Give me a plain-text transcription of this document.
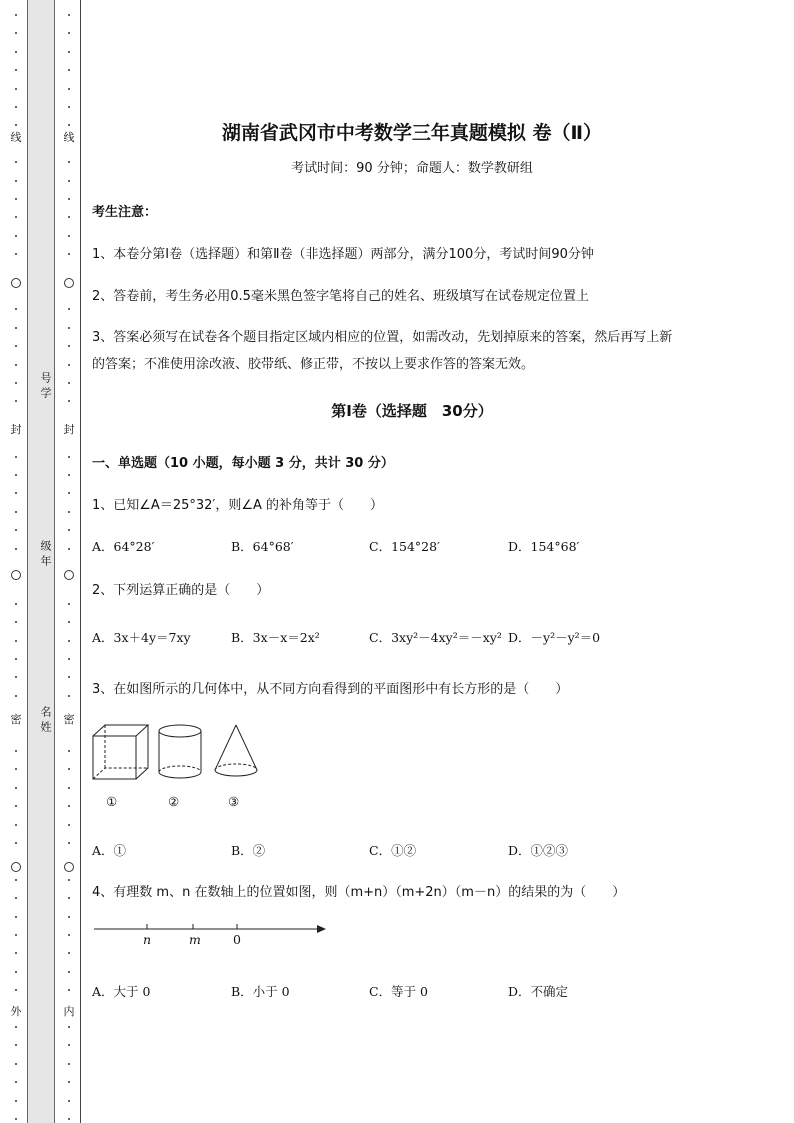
线
封
密
外
号学
级年
名姓
线
封
密
内
湖南省武冈市中考数学三年真题模拟 卷（Ⅱ）
考试时间：90 分钟；命题人：数学教研组
考生注意：
1、本卷分第Ⅰ卷（选择题）和第Ⅱ卷（非选择题）两部分，满分100分，考试时间90分钟
2、答卷前，考生务必用0.5毫米黑色签字笔将自己的姓名、班级填写在试卷规定位置上
3、答案必须写在试卷各个题目指定区域内相应的位置，如需改动，先划掉原来的答案，然后再写上新
的答案；不准使用涂改液、胶带纸、修正带，不按以上要求作答的答案无效。
第Ⅰ卷（选择题　30分）
一、单选题（10 小题，每小题 3 分，共计 30 分）
1、已知∠A＝25°32′，则∠A 的补角等于（　　）
A．64°28′	B．64°68′	C．154°28′	D．154°68′
2、下列运算正确的是（　　）
A．3x＋4y＝7xy	B．3x－x＝2x²	C．3xy²－4xy²＝－xy² D．－y²－y²＝0
3、在如图所示的几何体中，从不同方向看得到的平面图形中有长方形的是（　　）
①	②	③
A．①	B．②	C．①②	D．①②③
4、有理数 m、n 在数轴上的位置如图，则（m+n）（m+2n）（m－n）的结果的为（　　）
n	m	0
A．大于 0	B．小于 0	C．等于 0	D．不确定
